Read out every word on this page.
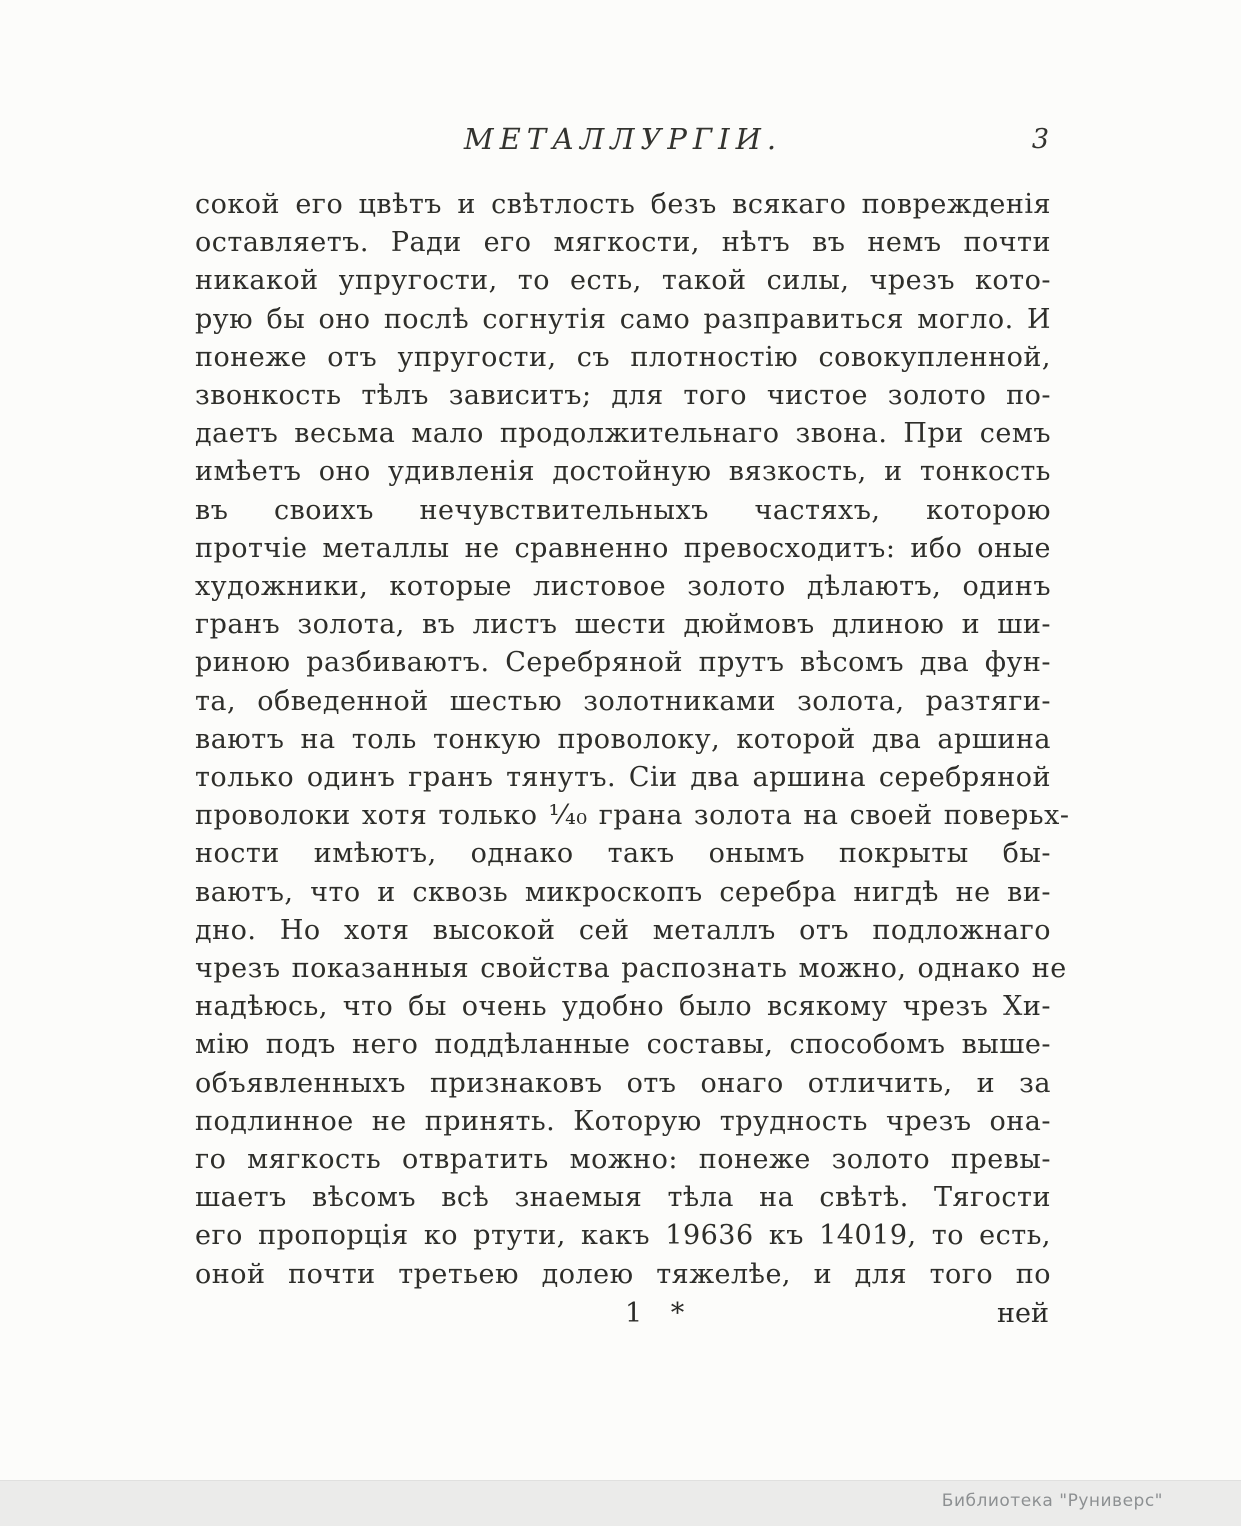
МЕТАЛЛУРГІИ.	3
сокой его цвѣтъ и свѣтлость безъ всякаго поврежденія
оставляетъ. Ради его мягкости, нѣтъ въ немъ почти
никакой упругости, то есть, такой силы, чрезъ кото-
рую бы оно послѣ согнутія само разправиться могло. И
понеже отъ упругости, съ плотностію совокупленной,
звонкость тѣлъ зависитъ; для того чистое золото по-
даетъ весьма мало продолжительнаго звона. При семъ
имѣетъ оно удивленія достойную вязкость, и тонкость
въ своихъ нечувствительныхъ частяхъ, которою
протчіе металлы не сравненно превосходитъ: ибо оные
художники, которые листовое золото дѣлаютъ, одинъ
гранъ золота, въ листъ шести дюймовъ длиною и ши-
риною разбиваютъ. Серебряной прутъ вѣсомъ два фун-
та, обведенной шестью золотниками золота, разтяги-
ваютъ на толь тонкую проволоку, которой два аршина
только одинъ гранъ тянутъ. Сіи два аршина серебряной
проволоки хотя только ¹⁄₄₀ грана золота на своей поверьх-
ности имѣютъ, однако такъ онымъ покрыты бы-
ваютъ, что и сквозь микроскопъ серебра нигдѣ не ви-
дно. Но хотя высокой сей металлъ отъ подложнаго
чрезъ показанныя свойства распознать можно, однако не
надѣюсь, что бы очень удобно было всякому чрезъ Хи-
мію подъ него поддѣланные составы, способомъ выше-
объявленныхъ признаковъ отъ онаго отличить, и за
подлинное не принять. Которую трудность чрезъ она-
го мягкость отвратить можно: понеже золото превы-
шаетъ вѣсомъ всѣ знаемыя тѣла на свѣтѣ. Тягости
его пропорція ко ртути, какъ 19636 къ 14019, то есть,
оной почти третьею долею тяжелѣе, и для того по
1 *	ней
Библиотека "Руниверс"
